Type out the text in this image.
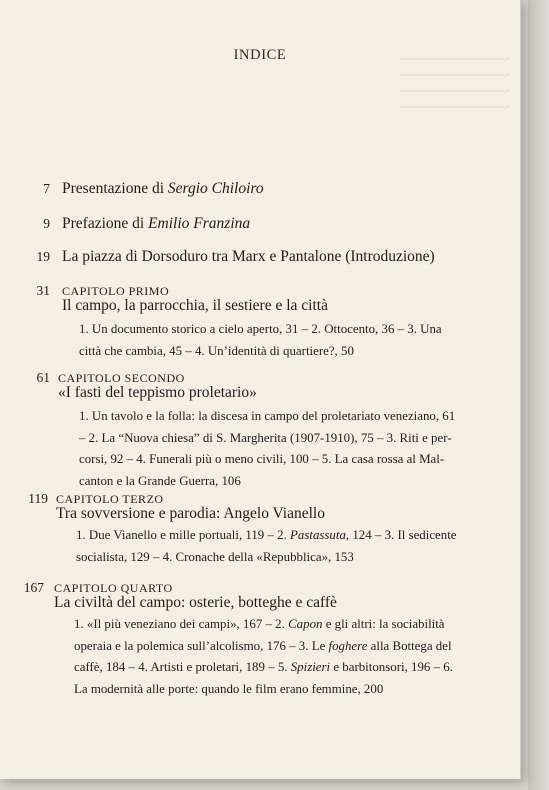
INDICE
7 Presentazione di Sergio Chiloiro
9 Prefazione di Emilio Franzina
19 La piazza di Dorsoduro tra Marx e Pantalone (Introduzione)
31 CAPITOLO PRIMO
Il campo, la parrocchia, il sestiere e la città
1. Un documento storico a cielo aperto, 31 – 2. Ottocento, 36 – 3. Una
città che cambia, 45 – 4. Un’identità di quartiere?, 50
61 CAPITOLO SECONDO
«I fasti del teppismo proletario»
1. Un tavolo e la folla: la discesa in campo del proletariato veneziano, 61
– 2. La “Nuova chiesa” di S. Margherita (1907-1910), 75 – 3. Riti e per-
corsi, 92 – 4. Funerali più o meno civili, 100 – 5. La casa rossa al Mal-
canton e la Grande Guerra, 106
119 CAPITOLO TERZO
Tra sovversione e parodia: Angelo Vianello
1. Due Vianello e mille portuali, 119 – 2. Pastassuta, 124 – 3. Il sedicente
socialista, 129 – 4. Cronache della «Repubblica», 153
167 CAPITOLO QUARTO
La civiltà del campo: osterie, botteghe e caffè
1. «Il più veneziano dei campi», 167 – 2. Capon e gli altri: la sociabilità
operaia e la polemica sull’alcolismo, 176 – 3. Le foghere alla Bottega del
caffè, 184 – 4. Artisti e proletari, 189 – 5. Spizieri e barbitonsori, 196 – 6.
La modernità alle porte: quando le film erano femmine, 200
